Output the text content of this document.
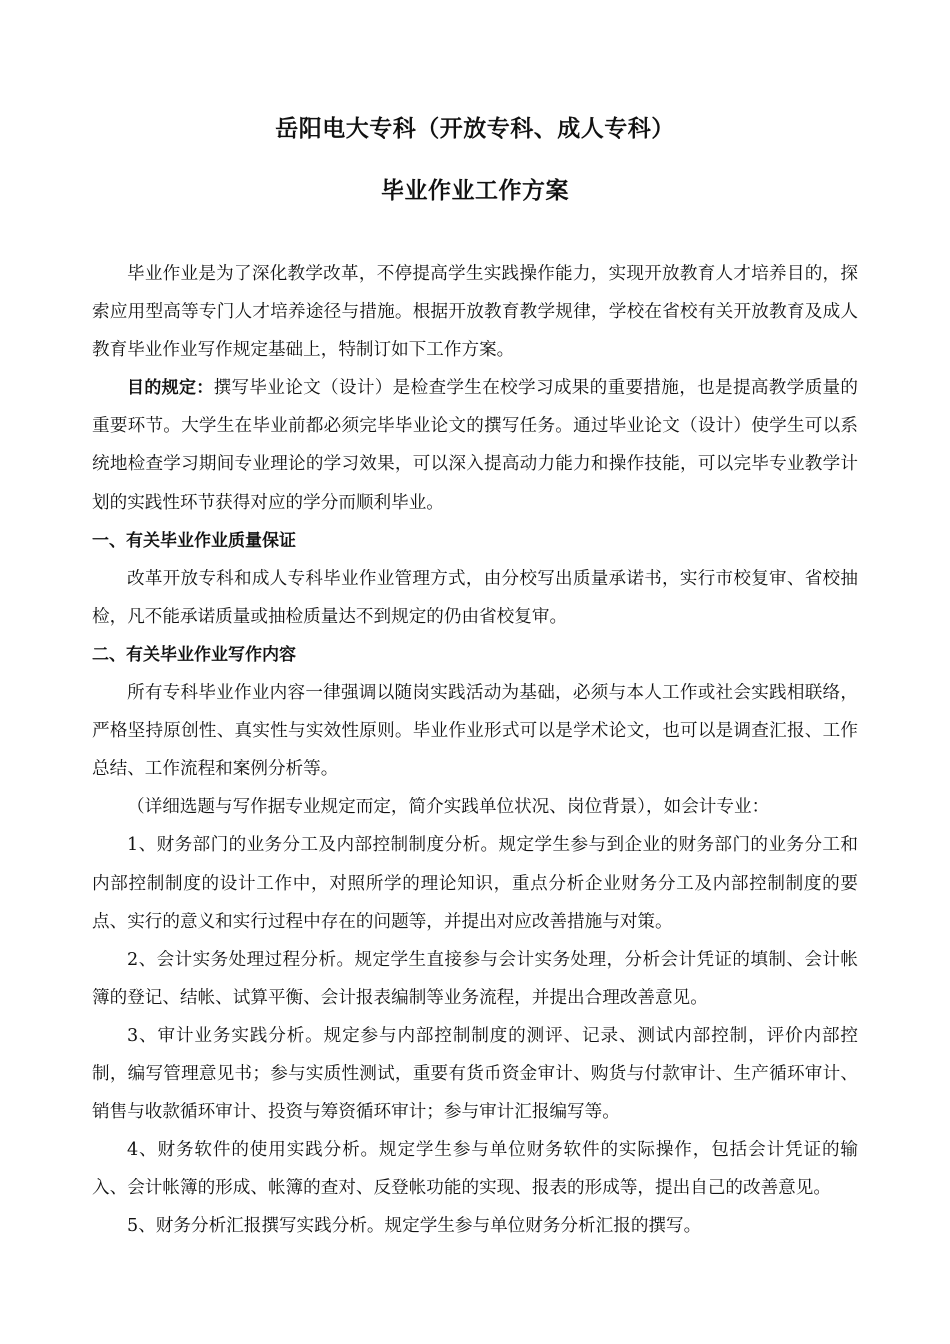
岳阳电大专科（开放专科、成人专科）
毕业作业工作方案

毕业作业是为了深化教学改革，不停提高学生实践操作能力，实现开放教育人才培养目的，探索应用型高等专门人才培养途径与措施。根据开放教育教学规律，学校在省校有关开放教育及成人教育毕业作业写作规定基础上，特制订如下工作方案。

目的规定：撰写毕业论文（设计）是检查学生在校学习成果的重要措施，也是提高教学质量的重要环节。大学生在毕业前都必须完毕毕业论文的撰写任务。通过毕业论文（设计）使学生可以系统地检查学习期间专业理论的学习效果，可以深入提高动力能力和操作技能，可以完毕专业教学计划的实践性环节获得对应的学分而顺利毕业。

一、有关毕业作业质量保证

改革开放专科和成人专科毕业作业管理方式，由分校写出质量承诺书，实行市校复审、省校抽检，凡不能承诺质量或抽检质量达不到规定的仍由省校复审。

二、有关毕业作业写作内容

所有专科毕业作业内容一律强调以随岗实践活动为基础，必须与本人工作或社会实践相联络，严格坚持原创性、真实性与实效性原则。毕业作业形式可以是学术论文，也可以是调查汇报、工作总结、工作流程和案例分析等。

（详细选题与写作据专业规定而定，简介实践单位状况、岗位背景），如会计专业：

1、财务部门的业务分工及内部控制制度分析。规定学生参与到企业的财务部门的业务分工和内部控制制度的设计工作中，对照所学的理论知识，重点分析企业财务分工及内部控制制度的要点、实行的意义和实行过程中存在的问题等，并提出对应改善措施与对策。

2、会计实务处理过程分析。规定学生直接参与会计实务处理，分析会计凭证的填制、会计帐簿的登记、结帐、试算平衡、会计报表编制等业务流程，并提出合理改善意见。

3、审计业务实践分析。规定参与内部控制制度的测评、记录、测试内部控制，评价内部控制，编写管理意见书；参与实质性测试，重要有货币资金审计、购货与付款审计、生产循环审计、销售与收款循环审计、投资与筹资循环审计；参与审计汇报编写等。

4、财务软件的使用实践分析。规定学生参与单位财务软件的实际操作，包括会计凭证的输入、会计帐簿的形成、帐簿的查对、反登帐功能的实现、报表的形成等，提出自己的改善意见。

5、财务分析汇报撰写实践分析。规定学生参与单位财务分析汇报的撰写。
